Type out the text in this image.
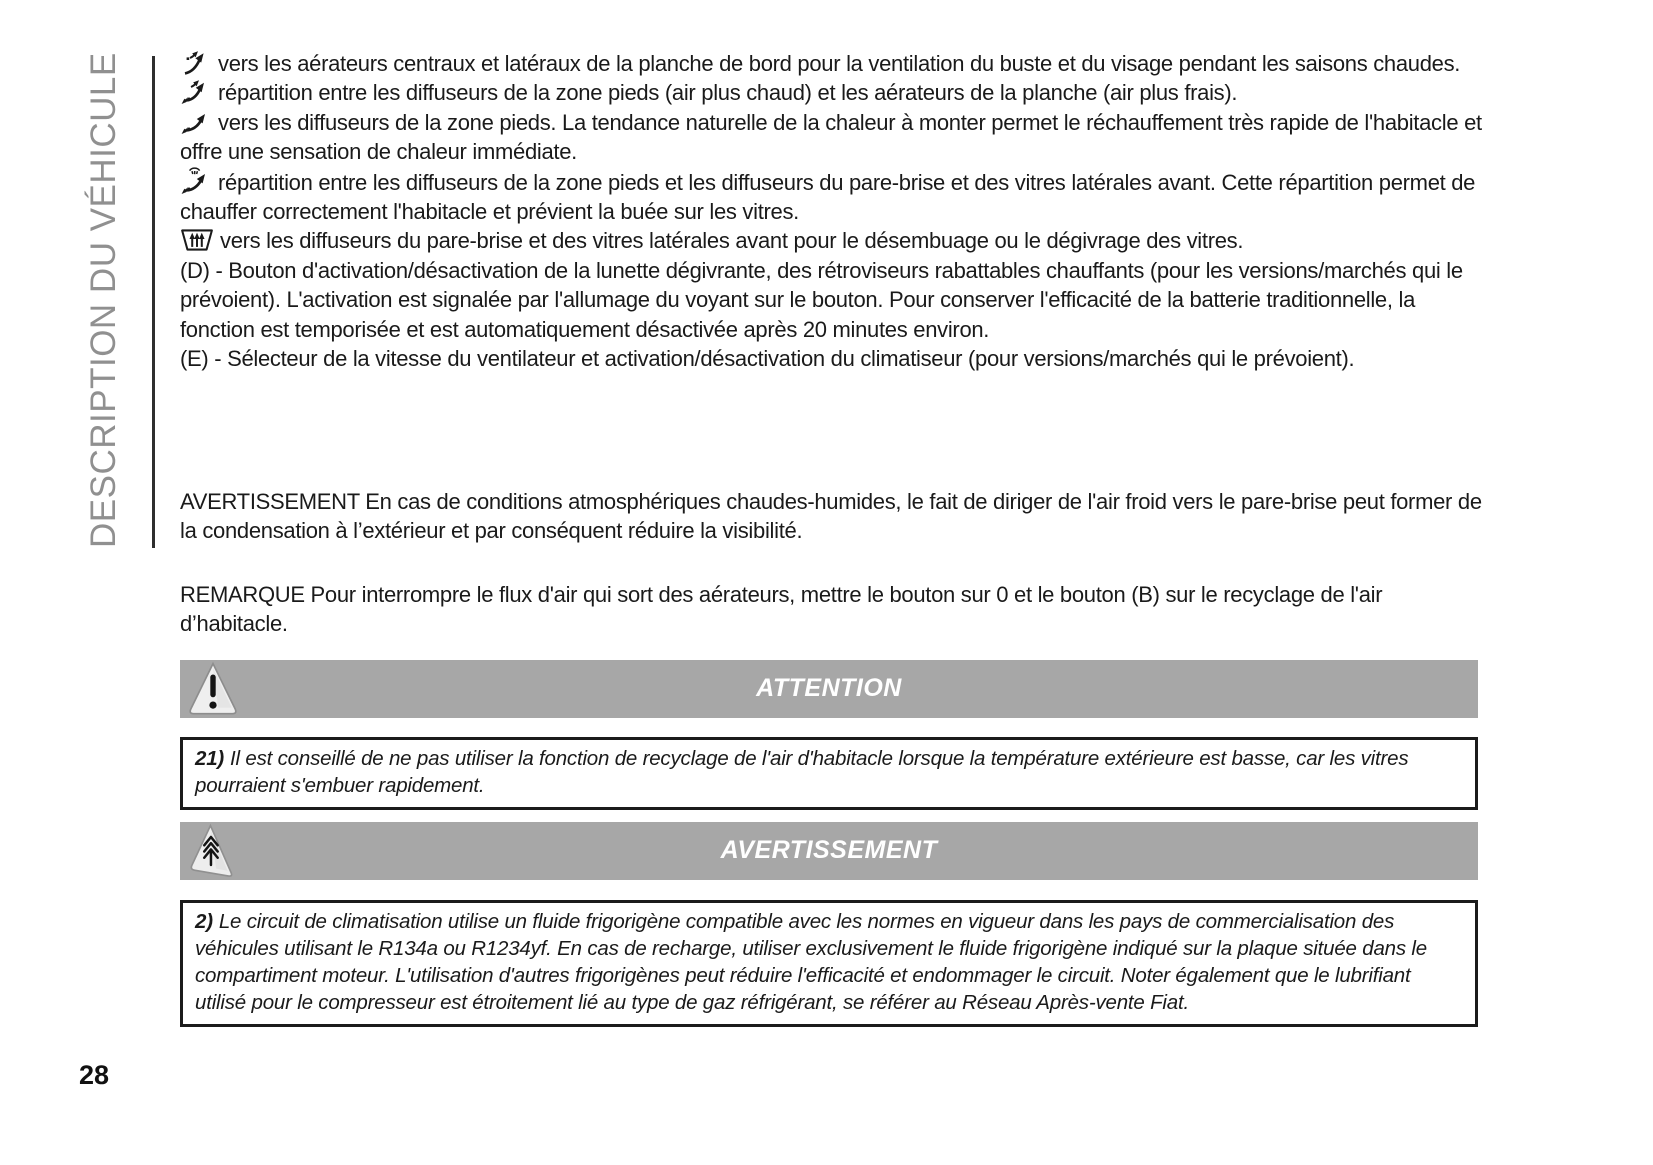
DESCRIPTION DU VÉHICULE	vers les aérateurs centraux et latéraux de la planche de bord pour la ventilation du buste et du visage pendant les saisons chaudes.

répartition entre les diffuseurs de la zone pieds (air plus chaud) et les aérateurs de la planche (air plus frais).

vers les diffuseurs de la zone pieds. La tendance naturelle de la chaleur à monter permet le réchauffement très rapide de l'habitacle et offre une sensation de chaleur immédiate.

répartition entre les diffuseurs de la zone pieds et les diffuseurs du pare-brise et des vitres latérales avant. Cette répartition permet de chauffer correctement l'habitacle et prévient la buée sur les vitres.

vers les diffuseurs du pare-brise et des vitres latérales avant pour le désembuage ou le dégivrage des vitres.

(D) - Bouton d'activation/désactivation de la lunette dégivrante, des rétroviseurs rabattables chauffants (pour les versions/marchés qui le prévoient). L'activation est signalée par l'allumage du voyant sur le bouton. Pour conserver l'efficacité de la batterie traditionnelle, la fonction est temporisée et est automatiquement désactivée après 20 minutes environ.

(E) - Sélecteur de la vitesse du ventilateur et activation/désactivation du climatiseur (pour versions/marchés qui le prévoient).

AVERTISSEMENT En cas de conditions atmosphériques chaudes-humides, le fait de diriger de l'air froid vers le pare-brise peut former de la condensation à l’extérieur et par conséquent réduire la visibilité.

REMARQUE Pour interrompre le flux d'air qui sort des aérateurs, mettre le bouton sur 0 et le bouton (B) sur le recyclage de l'air d’habitacle.

ATTENTION
21) Il est conseillé de ne pas utiliser la fonction de recyclage de l'air d'habitacle lorsque la température extérieure est basse, car les vitres pourraient s'embuer rapidement.
AVERTISSEMENT
2) Le circuit de climatisation utilise un fluide frigorigène compatible avec les normes en vigueur dans les pays de commercialisation des véhicules utilisant le R134a ou R1234yf. En cas de recharge, utiliser exclusivement le fluide frigorigène indiqué sur la plaque située dans le compartiment moteur. L'utilisation d'autres frigorigènes peut réduire l'efficacité et endommager le circuit. Noter également que le lubrifiant utilisé pour le compresseur est étroitement lié au type de gaz réfrigérant, se référer au Réseau Après-vente Fiat.
28
